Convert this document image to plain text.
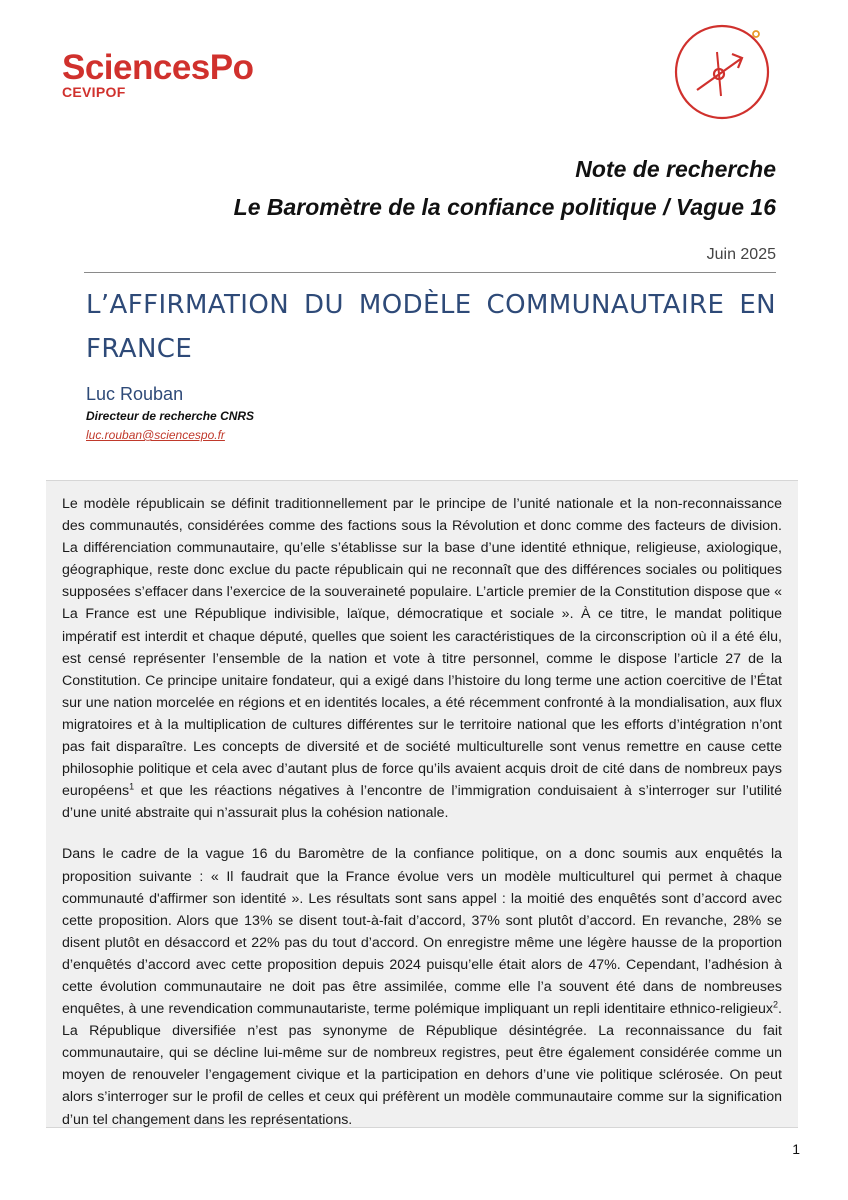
SciencesPo
CEVIPOF
Note de recherche
Le Baromètre de la confiance politique / Vague 16
Juin 2025
L’AFFIRMATION DU MODÈLE COMMUNAUTAIRE EN FRANCE
Luc Rouban
Directeur de recherche CNRS
luc.rouban@sciencespo.fr

Le modèle républicain se définit traditionnellement par le principe de l’unité nationale et la non-reconnaissance des communautés, considérées comme des factions sous la Révolution et donc comme des facteurs de division. La différenciation communautaire, qu’elle s’établisse sur la base d’une identité ethnique, religieuse, axiologique, géographique, reste donc exclue du pacte républicain qui ne reconnaît que des différences sociales ou politiques supposées s’effacer dans l’exercice de la souveraineté populaire. L’article premier de la Constitution dispose que « La France est une République indivisible, laïque, démocratique et sociale ». À ce titre, le mandat politique impératif est interdit et chaque député, quelles que soient les caractéristiques de la circonscription où il a été élu, est censé représenter l’ensemble de la nation et vote à titre personnel, comme le dispose l’article 27 de la Constitution. Ce principe unitaire fondateur, qui a exigé dans l’histoire du long terme une action coercitive de l’État sur une nation morcelée en régions et en identités locales, a été récemment confronté à la mondialisation, aux flux migratoires et à la multiplication de cultures différentes sur le territoire national que les efforts d’intégration n’ont pas fait disparaître. Les concepts de diversité et de société multiculturelle sont venus remettre en cause cette philosophie politique et cela avec d’autant plus de force qu’ils avaient acquis droit de cité dans de nombreux pays européens$^1$ et que les réactions négatives à l’encontre de l’immigration conduisaient à s’interroger sur l’utilité d’une unité abstraite qui n’assurait plus la cohésion nationale.

Dans le cadre de la vague 16 du Baromètre de la confiance politique, on a donc soumis aux enquêtés la proposition suivante : « Il faudrait que la France évolue vers un modèle multiculturel qui permet à chaque communauté d'affirmer son identité ». Les résultats sont sans appel : la moitié des enquêtés sont d’accord avec cette proposition. Alors que 13% se disent tout-à-fait d’accord, 37% sont plutôt d’accord. En revanche, 28% se disent plutôt en désaccord et 22% pas du tout d’accord. On enregistre même une légère hausse de la proportion d’enquêtés d’accord avec cette proposition depuis 2024 puisqu’elle était alors de 47%. Cependant, l’adhésion à cette évolution communautaire ne doit pas être assimilée, comme elle l’a souvent été dans de nombreuses enquêtes, à une revendication communautariste, terme polémique impliquant un repli identitaire ethnico-religieux$^2$. La République diversifiée n’est pas synonyme de République désintégrée. La reconnaissance du fait communautaire, qui se décline lui-même sur de nombreux registres, peut être également considérée comme un moyen de renouveler l’engagement civique et la participation en dehors d’une vie politique sclérosée. On peut alors s’interroger sur le profil de celles et ceux qui préfèrent un modèle communautaire comme sur la signification d’un tel changement dans les représentations.

1
